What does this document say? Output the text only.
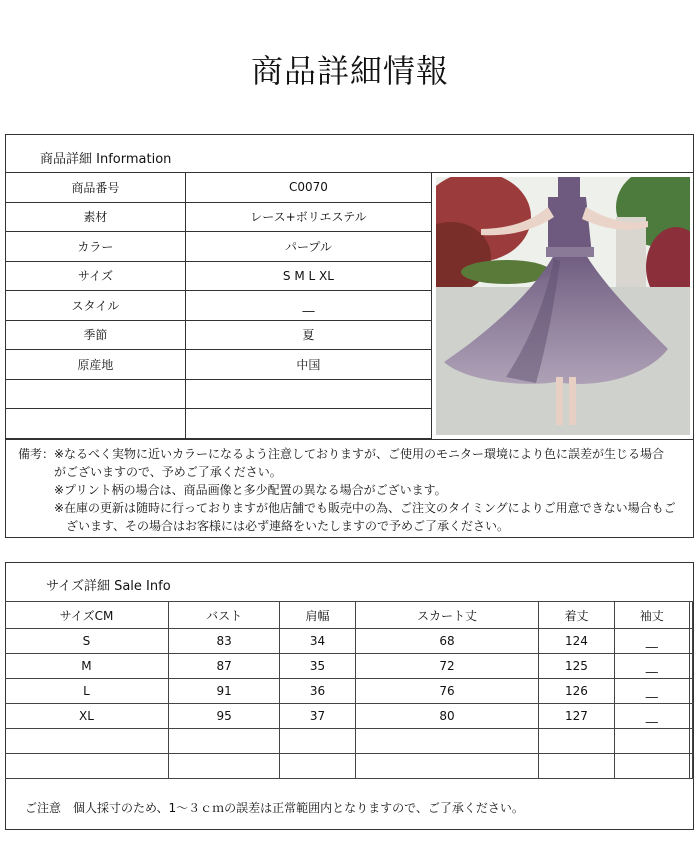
商品詳細情報
商品詳細 Information
商品番号	C0070
素材	レース+ボリエステル
カラー	パープル
サイズ	S M L XL
スタイル	__
季節	夏
原産地	中国

備考：※なるべく実物に近いカラーになるよう注意しておりますが、ご使用のモニター環境により色に誤差が生じる場合
　　　がございますので、予めご了承ください。
　　　※プリント柄の場合は、商品画像と多少配置の異なる場合がございます。
　　　※在庫の更新は随時に行っておりますが他店舗でも販売中の為、ご注文のタイミングによりご用意できない場合もご
　　　　ざいます、その場合はお客様には必ず連絡をいたしますので予めご了承ください。
サイズ詳細 Sale Info
サイズCM	バスト	肩幅	スカート丈	着丈	袖丈		
S	83	34	68	124	__		
M	87	35	72	125	__		
L	91	36	76	126	__		
XL	95	37	80	127	__		

ご注意　個人採寸のため、1～３ｃｍの誤差は正常範囲内となりますので、ご了承ください。
